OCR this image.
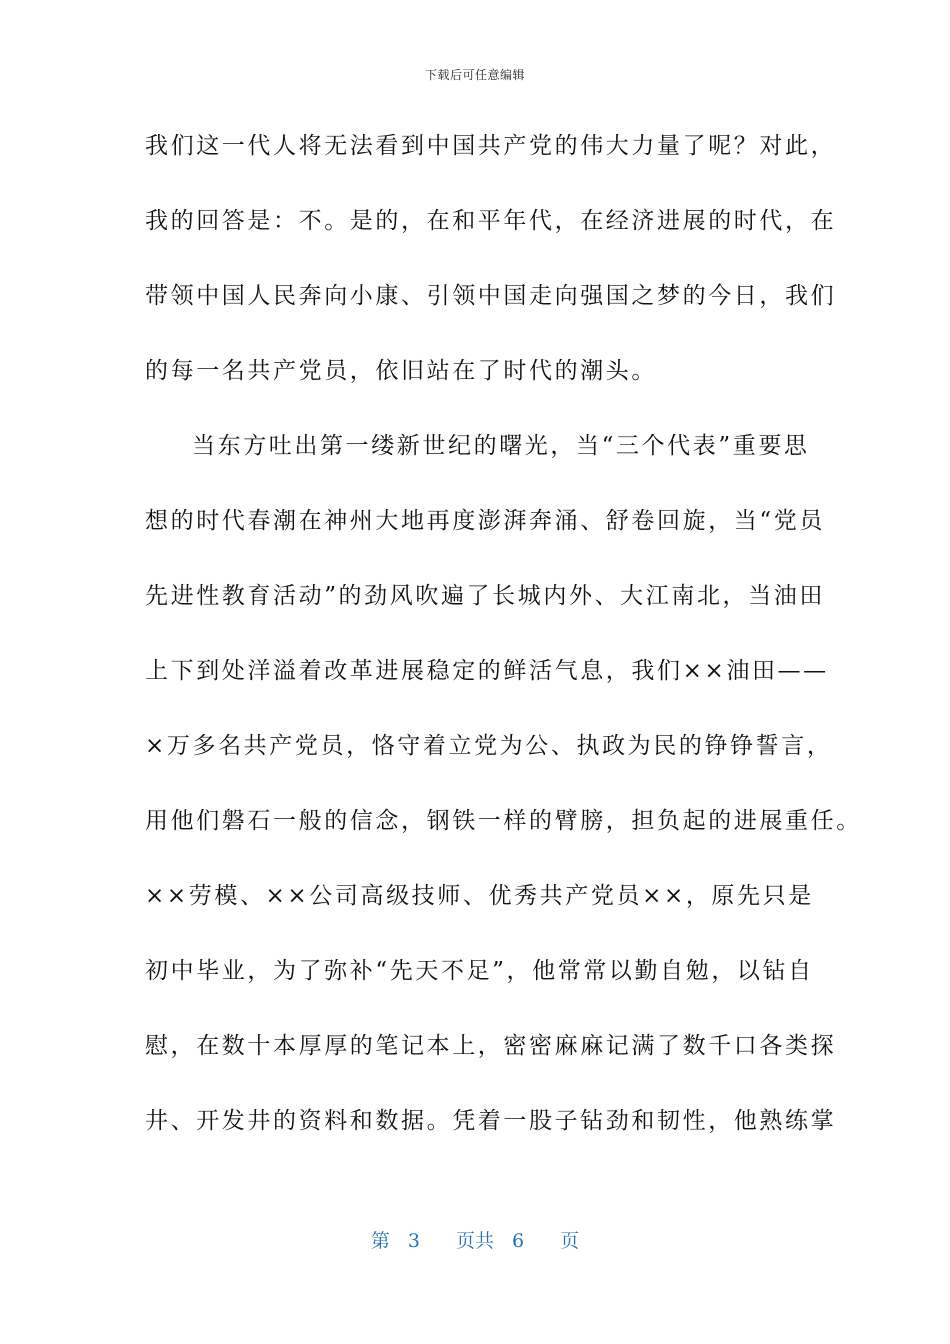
下载后可任意编辑
我们这一代人将无法看到中国共产党的伟大力量了呢？对此，
我的回答是：不。是的，在和平年代，在经济进展的时代，在
带领中国人民奔向小康、引领中国走向强国之梦的今日，我们
的每一名共产党员，依旧站在了时代的潮头。
当东方吐出第一缕新世纪的曙光，当“三个代表”重要思
想的时代春潮在神州大地再度澎湃奔涌、舒卷回旋，当“党员
先进性教育活动”的劲风吹遍了长城内外、大江南北，当油田
上下到处洋溢着改革进展稳定的鲜活气息，我们××油田——
×万多名共产党员，恪守着立党为公、执政为民的铮铮誓言，
用他们磐石一般的信念，钢铁一样的臂膀，担负起的进展重任。
××劳模、××公司高级技师、优秀共产党员××，原先只是
初中毕业，为了弥补“先天不足”，他常常以勤自勉，以钻自
慰，在数十本厚厚的笔记本上，密密麻麻记满了数千口各类探
井、开发井的资料和数据。凭着一股子钻劲和韧性，他熟练掌
第 3 页共 6 页
